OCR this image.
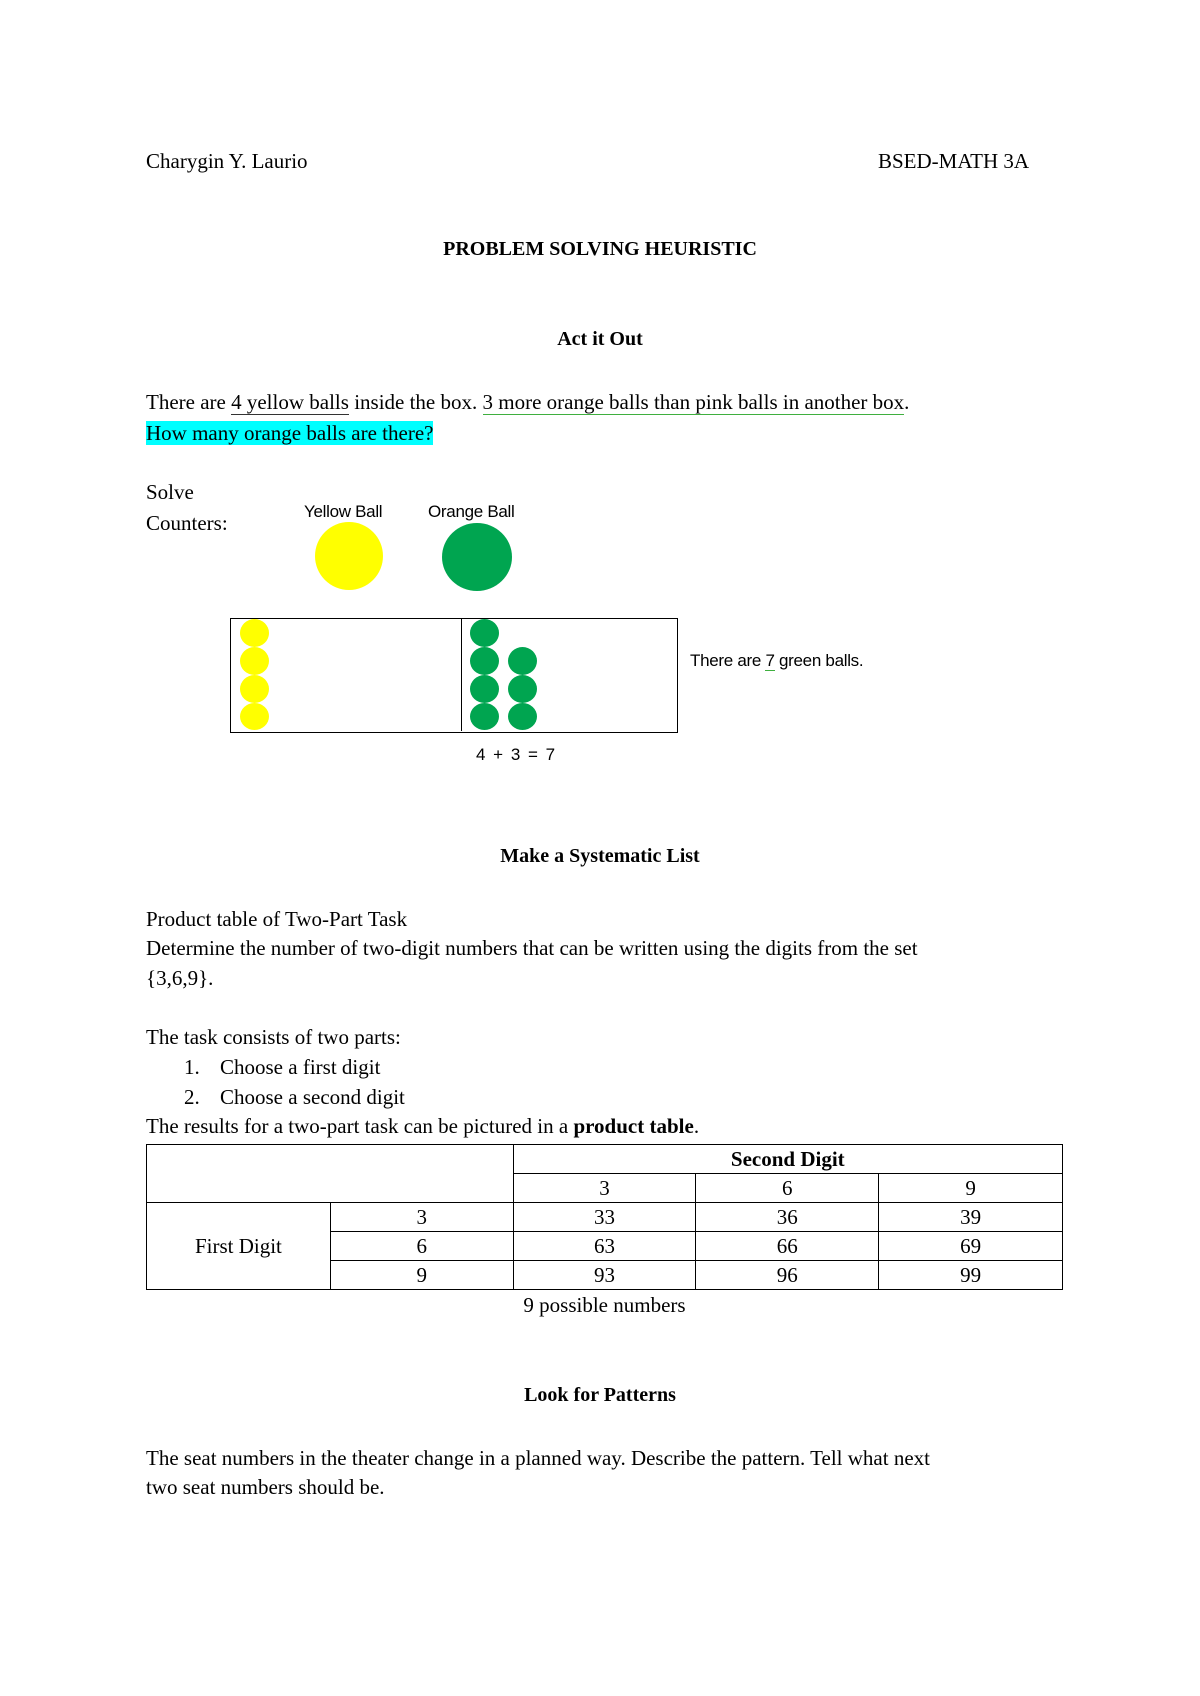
Charygin Y. Laurio	BSED-MATH 3A
PROBLEM SOLVING HEURISTIC
Act it Out
There are 4 yellow balls inside the box. 3 more orange balls than pink balls in another box.
How many orange balls are there?
Solve
Counters:	Yellow Ball	Orange Ball
There are 7 green balls.
4 + 3 = 7
Make a Systematic List
Product table of Two-Part Task
Determine the number of two-digit numbers that can be written using the digits from the set
{3,6,9}.
The task consists of two parts:
1. Choose a first digit
2. Choose a second digit
The results for a two-part task can be pictured in a product table.
		Second Digit		
		3	6	9
First Digit	3	33	36	39
	6	63	66	69
	9	93	96	99
9 possible numbers
Look for Patterns
The seat numbers in the theater change in a planned way. Describe the pattern. Tell what next
two seat numbers should be.
